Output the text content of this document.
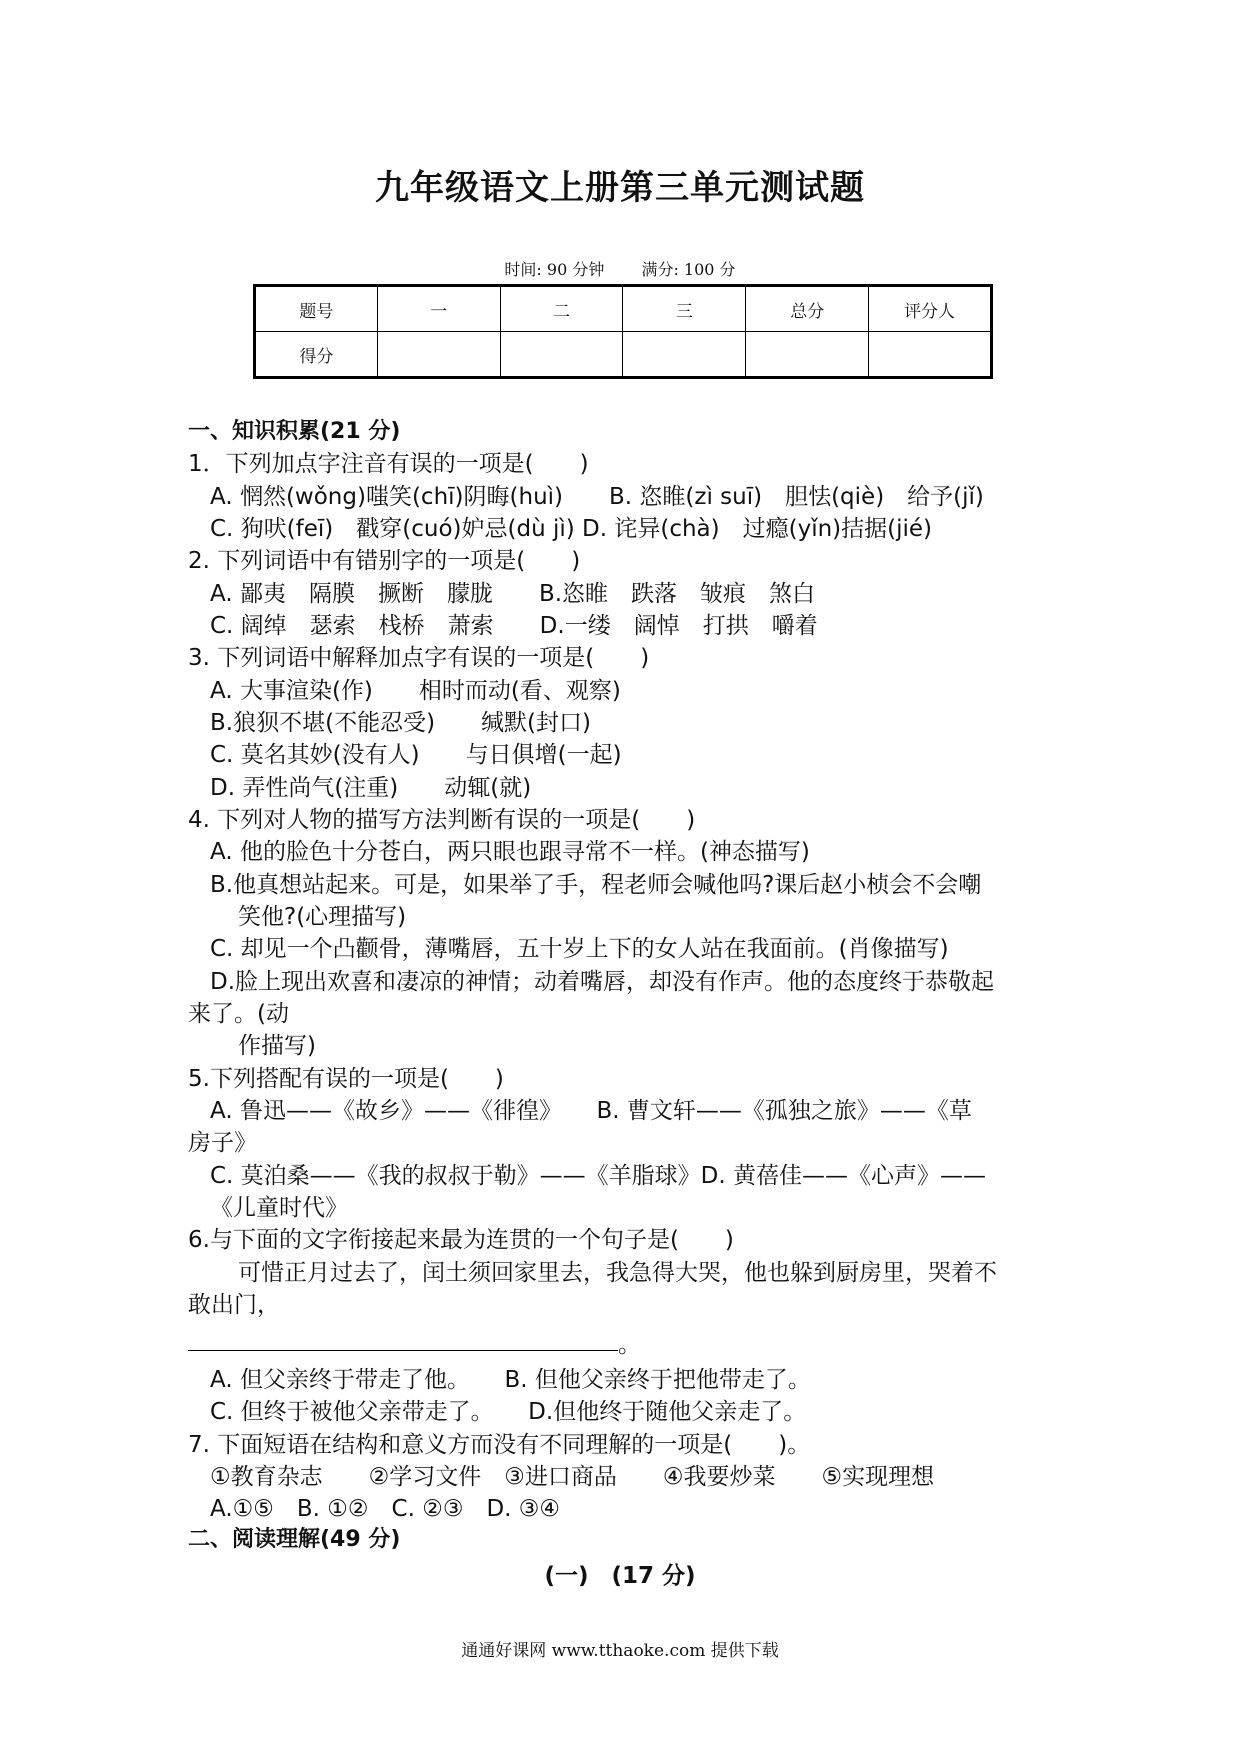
九年级语文上册第三单元测试题
时间: 90 分钟 满分: 100 分
题号	一	二	三	总分	评分人
得分					
一、知识积累(21 分)
1．下列加点字注音有误的一项是(　　)
A. 惘然(wǒng)嗤笑(chī)阴晦(huì)　　B. 恣睢(zì suī)　胆怯(qiè)　给予(jǐ)
C. 狗吠(feī)　戳穿(cuó)妒忌(dù jì) D. 诧异(chà)　过瘾(yǐn)拮据(jié)
2. 下列词语中有错别字的一项是(　　)
A. 鄙夷　隔膜　撅断　朦胧　　B.恣睢　跌落　皱痕　煞白
C. 阔绰　瑟索　栈桥　萧索　　D.一缕　阔悼　打拱　嚼着
3. 下列词语中解释加点字有误的一项是(　　)
A. 大事渲染(作)　　相时而动(看、观察)
B.狼狈不堪(不能忍受)　　缄默(封口)
C. 莫名其妙(没有人)　　与日俱增(一起)
D. 弄性尚气(注重)　　动辄(就)
4. 下列对人物的描写方法判断有误的一项是(　　)
A. 他的脸色十分苍白，两只眼也跟寻常不一样。(神态描写)
B.他真想站起来。可是，如果举了手，程老师会喊他吗?课后赵小桢会不会嘲
笑他?(心理描写)
C. 却见一个凸颧骨，薄嘴唇，五十岁上下的女人站在我面前。(肖像描写)
D.脸上现出欢喜和凄凉的神情；动着嘴唇，却没有作声。他的态度终于恭敬起
来了。(动
作描写)
5.下列搭配有误的一项是(　　)
A. 鲁迅——《故乡》——《徘徨》　　B. 曹文轩——《孤独之旅》——《草
房子》
C. 莫泊桑——《我的叔叔于勒》——《羊脂球》D. 黄蓓佳——《心声》——
《儿童时代》
6.与下面的文字衔接起来最为连贯的一个句子是(　　)
可惜正月过去了，闰土须回家里去，我急得大哭，他也躲到厨房里，哭着不
敢出门，
。
A. 但父亲终于带走了他。　　B. 但他父亲终于把他带走了。
C. 但终于被他父亲带走了。　　D.但他终于随他父亲走了。
7. 下面短语在结构和意义方而没有不同理解的一项是(　　)。
①教育杂志　　②学习文件　③进口商品　　④我要炒菜　　⑤实现理想
A.①⑤　B. ①②　C. ②③　D. ③④
二、阅读理解(49 分)
(一)　(17 分)
通通好课网 www.tthaoke.com 提供下载
